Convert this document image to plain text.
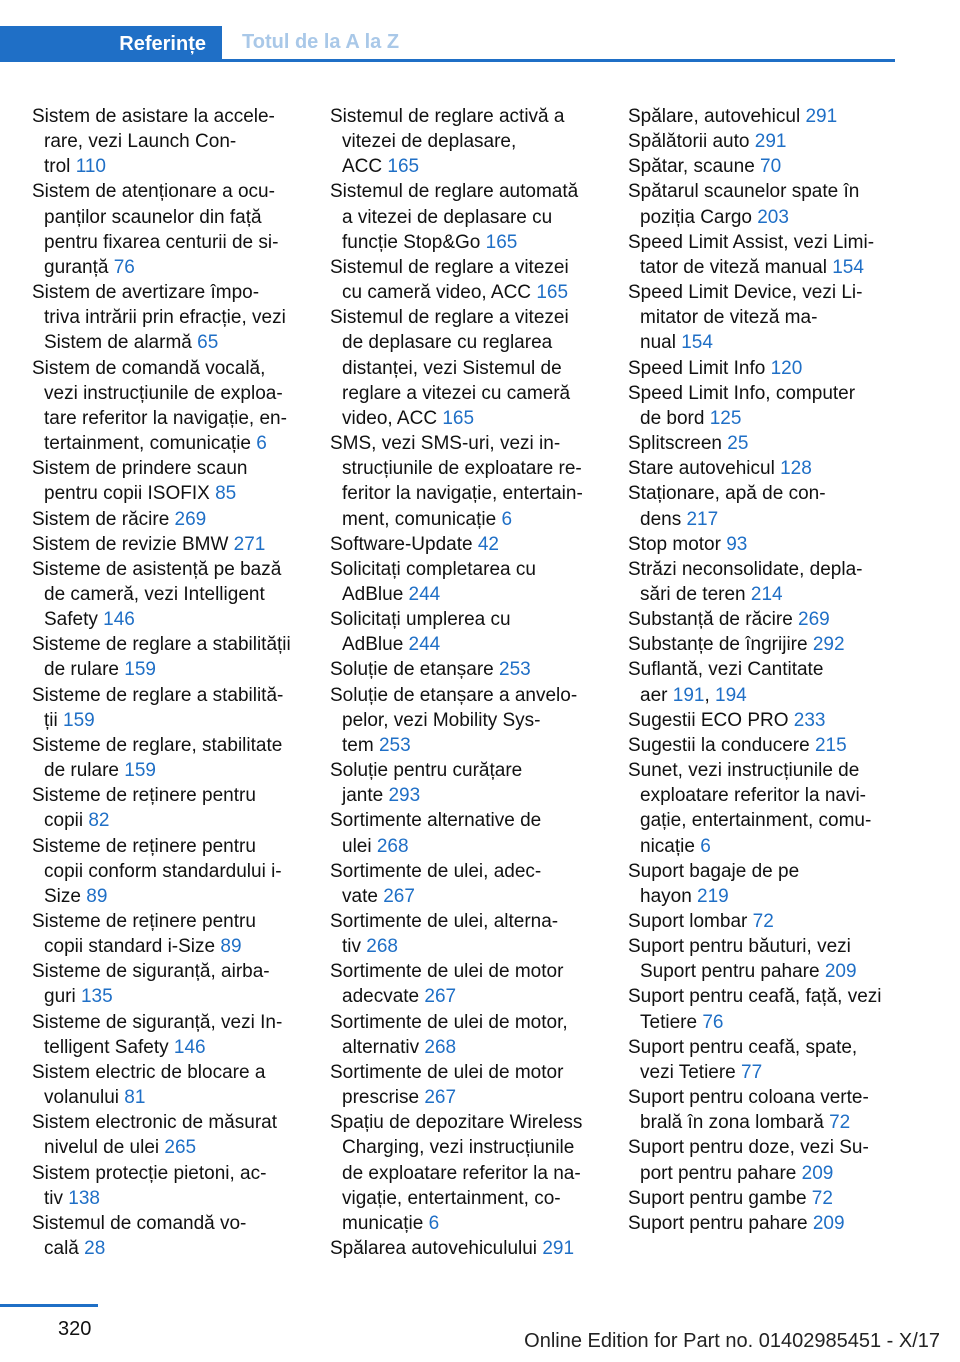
Referințe Totul de la A la Z
Sistem de asistare la accele-
rare, vezi Launch Con-
trol 110
Sistem de atenționare a ocu-
panților scaunelor din față
pentru fixarea centurii de si-
guranță 76
Sistem de avertizare împo-
triva intrării prin efracție, vezi
Sistem de alarmă 65
Sistem de comandă vocală,
vezi instrucțiunile de exploa-
tare referitor la navigație, en-
tertainment, comunicație 6
Sistem de prindere scaun
pentru copii ISOFIX 85
Sistem de răcire 269
Sistem de revizie BMW 271
Sisteme de asistență pe bază
de cameră, vezi Intelligent
Safety 146
Sisteme de reglare a stabilității
de rulare 159
Sisteme de reglare a stabilită-
ții 159
Sisteme de reglare, stabilitate
de rulare 159
Sisteme de reținere pentru
copii 82
Sisteme de reținere pentru
copii conform standardului i-
Size 89
Sisteme de reținere pentru
copii standard i-Size 89
Sisteme de siguranță, airba-
guri 135
Sisteme de siguranță, vezi In-
telligent Safety 146
Sistem electric de blocare a
volanului 81
Sistem electronic de măsurat
nivelul de ulei 265
Sistem protecție pietoni, ac-
tiv 138
Sistemul de comandă vo-
cală 28
Sistemul de reglare activă a
vitezei de deplasare,
ACC 165
Sistemul de reglare automată
a vitezei de deplasare cu
funcție Stop&Go 165
Sistemul de reglare a vitezei
cu cameră video, ACC 165
Sistemul de reglare a vitezei
de deplasare cu reglarea
distanței, vezi Sistemul de
reglare a vitezei cu cameră
video, ACC 165
SMS, vezi SMS-uri, vezi in-
strucțiunile de exploatare re-
feritor la navigație, entertain-
ment, comunicație 6
Software-Update 42
Solicitați completarea cu
AdBlue 244
Solicitați umplerea cu
AdBlue 244
Soluție de etanșare 253
Soluție de etanșare a anvelo-
pelor, vezi Mobility Sys-
tem 253
Soluție pentru curățare
jante 293
Sortimente alternative de
ulei 268
Sortimente de ulei, adec-
vate 267
Sortimente de ulei, alterna-
tiv 268
Sortimente de ulei de motor
adecvate 267
Sortimente de ulei de motor,
alternativ 268
Sortimente de ulei de motor
prescrise 267
Spațiu de depozitare Wireless
Charging, vezi instrucțiunile
de exploatare referitor la na-
vigație, entertainment, co-
municație 6
Spălarea autovehiculului 291
Spălare, autovehicul 291
Spălătorii auto 291
Spătar, scaune 70
Spătarul scaunelor spate în
poziția Cargo 203
Speed Limit Assist, vezi Limi-
tator de viteză manual 154
Speed Limit Device, vezi Li-
mitator de viteză ma-
nual 154
Speed Limit Info 120
Speed Limit Info, computer
de bord 125
Splitscreen 25
Stare autovehicul 128
Staționare, apă de con-
dens 217
Stop motor 93
Străzi neconsolidate, depla-
sări de teren 214
Substanță de răcire 269
Substanțe de îngrijire 292
Suflantă, vezi Cantitate
aer 191, 194
Sugestii ECO PRO 233
Sugestii la conducere 215
Sunet, vezi instrucțiunile de
exploatare referitor la navi-
gație, entertainment, comu-
nicație 6
Suport bagaje de pe
hayon 219
Suport lombar 72
Suport pentru băuturi, vezi
Suport pentru pahare 209
Suport pentru ceafă, față, vezi
Tetiere 76
Suport pentru ceafă, spate,
vezi Tetiere 77
Suport pentru coloana verte-
brală în zona lombară 72
Suport pentru doze, vezi Su-
port pentru pahare 209
Suport pentru gambe 72
Suport pentru pahare 209
320
Online Edition for Part no. 01402985451 - X/17
